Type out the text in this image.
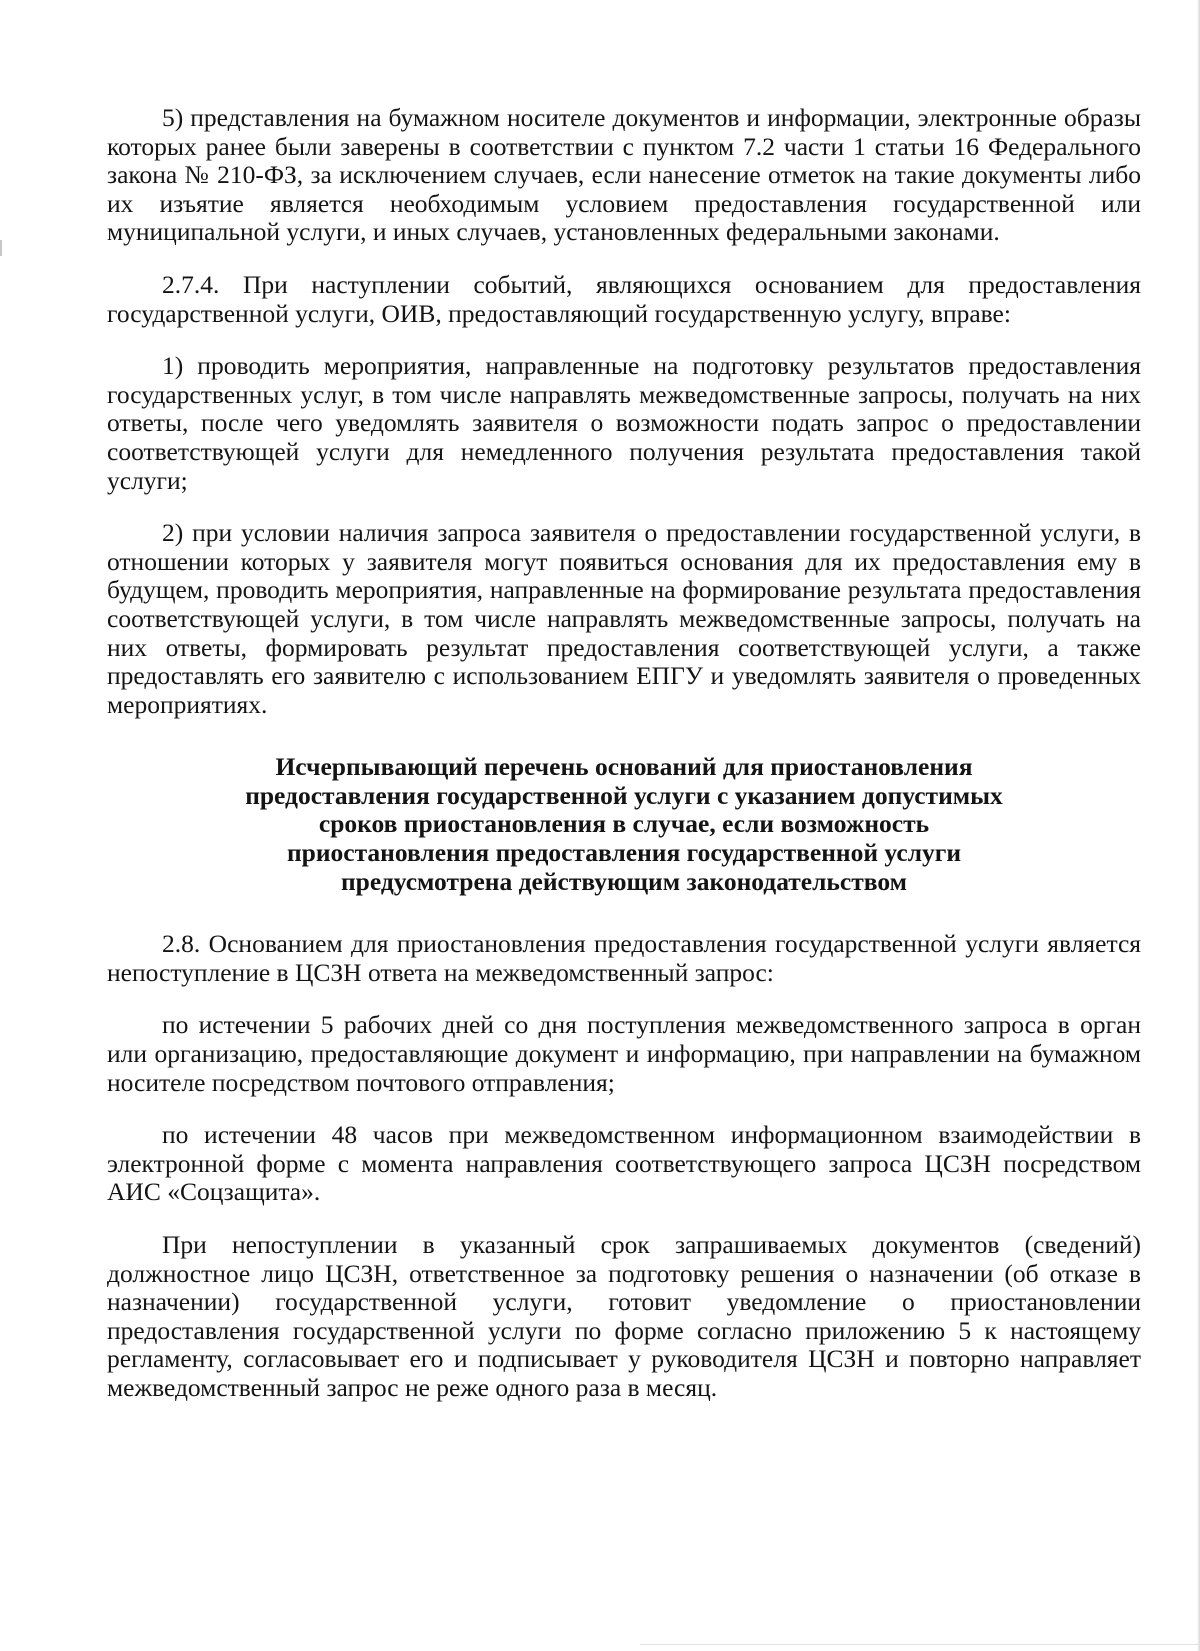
5) представления на бумажном носителе документов и информации, электронные образы которых ранее были заверены в соответствии с пунктом 7.2 части 1 статьи 16 Федерального закона № 210-ФЗ, за исключением случаев, если нанесение отметок на такие документы либо их изъятие является необходимым условием предоставления государственной или муниципальной услуги, и иных случаев, установленных федеральными законами.

2.7.4. При наступлении событий, являющихся основанием для предоставления государственной услуги, ОИВ, предоставляющий государственную услугу, вправе:

1) проводить мероприятия, направленные на подготовку результатов предоставления государственных услуг, в том числе направлять межведомственные запросы, получать на них ответы, после чего уведомлять заявителя о возможности подать запрос о предоставлении соответствующей услуги для немедленного получения результата предоставления такой услуги;

2) при условии наличия запроса заявителя о предоставлении государственной услуги, в отношении которых у заявителя могут появиться основания для их предоставления ему в будущем, проводить мероприятия, направленные на формирование результата предоставления соответствующей услуги, в том числе направлять межведомственные запросы, получать на них ответы, формировать результат предоставления соответствующей услуги, а также предоставлять его заявителю с использованием ЕПГУ и уведомлять заявителя о проведенных мероприятиях.

Исчерпывающий перечень оснований для приостановления
предоставления государственной услуги с указанием допустимых
сроков приостановления в случае, если возможность
приостановления предоставления государственной услуги
предусмотрена действующим законодательством

2.8. Основанием для приостановления предоставления государственной услуги является непоступление в ЦСЗН ответа на межведомственный запрос:

по истечении 5 рабочих дней со дня поступления межведомственного запроса в орган или организацию, предоставляющие документ и информацию, при направлении на бумажном носителе посредством почтового отправления;

по истечении 48 часов при межведомственном информационном взаимодействии в электронной форме с момента направления соответствующего запроса ЦСЗН посредством АИС «Соцзащита».

При непоступлении в указанный срок запрашиваемых документов (сведений) должностное лицо ЦСЗН, ответственное за подготовку решения о назначении (об отказе в назначении) государственной услуги, готовит уведомление о приостановлении предоставления государственной услуги по форме согласно приложению 5 к настоящему регламенту, согласовывает его и подписывает у руководителя ЦСЗН и повторно направляет межведомственный запрос не реже одного раза в месяц.
